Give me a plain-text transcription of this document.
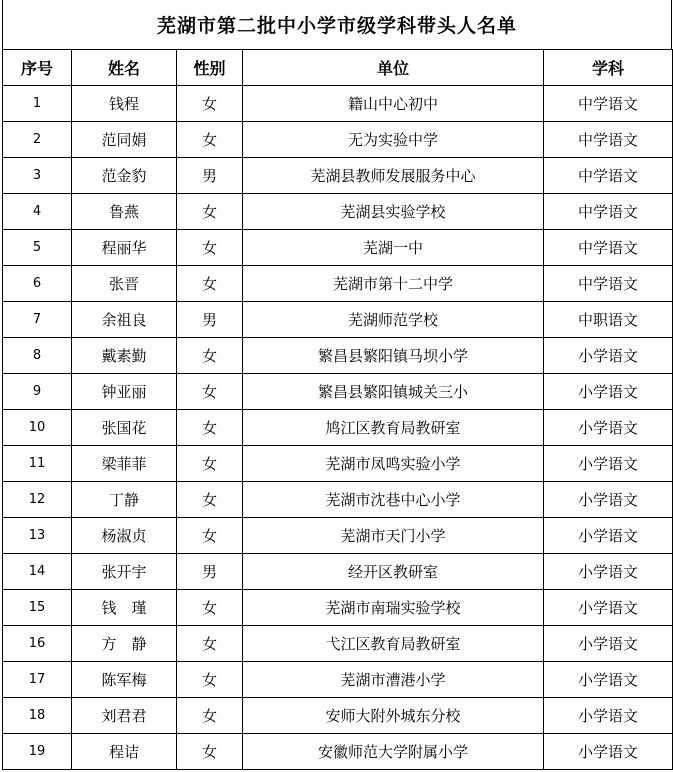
芜湖市第二批中小学市级学科带头人名单
序号	姓名	性别	单位	学科
1	钱程	女	籍山中心初中	中学语文
2	范同娟	女	无为实验中学	中学语文
3	范金豹	男	芜湖县教师发展服务中心	中学语文
4	鲁燕	女	芜湖县实验学校	中学语文
5	程丽华	女	芜湖一中	中学语文
6	张晋	女	芜湖市第十二中学	中学语文
7	余祖良	男	芜湖师范学校	中职语文
8	戴素勤	女	繁昌县繁阳镇马坝小学	小学语文
9	钟亚丽	女	繁昌县繁阳镇城关三小	小学语文
10	张国花	女	鸠江区教育局教研室	小学语文
11	梁菲菲	女	芜湖市凤鸣实验小学	小学语文
12	丁静	女	芜湖市沈巷中心小学	小学语文
13	杨淑贞	女	芜湖市天门小学	小学语文
14	张开宇	男	经开区教研室	小学语文
15	钱　瑾	女	芜湖市南瑞实验学校	小学语文
16	方　静	女	弋江区教育局教研室	小学语文
17	陈军梅	女	芜湖市漕港小学	小学语文
18	刘君君	女	安师大附外城东分校	小学语文
19	程诘	女	安徽师范大学附属小学	小学语文
